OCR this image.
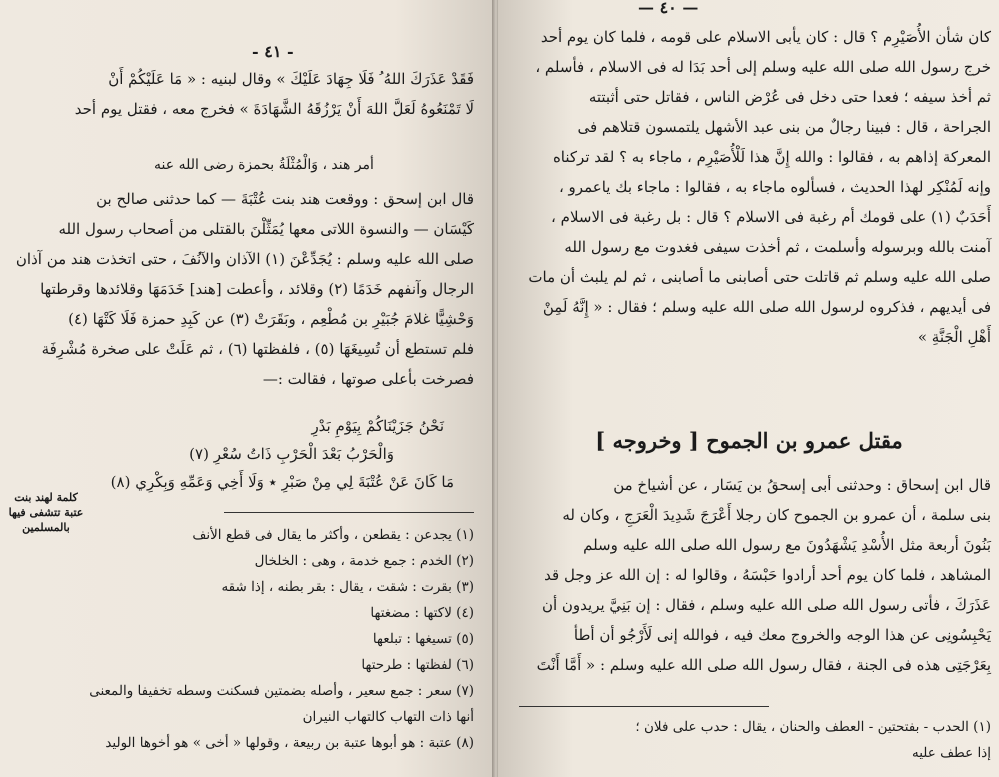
- ٤١ -
فَقَدْ عَذَرَكَ اللهُ ُ فَلَا جِهَادَ عَلَيْكَ » وقال لبنيه : « مَا عَلَيْكُمْ أَنْ
لَا تَمْنَعُوهُ لَعَلَّ اللهَ أَنْ يَرْزُقَهُ الشَّهَادَةَ » فخرج معه ، فقتل يوم أحد
أمر هند ، وَالْمُثْلَةُ بحمزة رضى الله عنه
قال ابن إسحق : ووقعت هند بنت عُتْبَةَ — كما حدثنى صالح بن
كَيْسَان — والنسوة اللاتى معها يُمَثِّلْنَ بالقتلى من أصحاب رسول الله
صلى الله عليه وسلم : يُجَدِّعْنَ (١) الآذان والآنُفَ ، حتى اتخذت هند من آذان
الرجال وآنفهم خَدَمًا (٢) وقلائد ، وأعطت [هند] خَدَمَهَا وقلائدها وقرطتها
وَحْشِيًّا غلامَ جُبَيْرِ بن مُطْعِم ، وبَقَرَتْ (٣) عن كَبِدِ حمزة فَلَا كَتْهَا (٤)
فلم تستطع أن تُسِيغَهَا (٥) ، فلفظتها (٦) ، ثم عَلَتْ على صخرة مُشْرِفَة
فصرخت بأعلى صوتها ، فقالت :—
نَحْنُ جَزَيْنَاكُمْ بِيَوْمِ بَدْرِ
وَالْحَرْبُ بَعْدَ الْحَرْبِ ذَاتُ سُعْرِ (٧)
مَا كَانَ عَنْ عُتْبَةَ لِي مِنْ صَبْرِ ٭ وَلَا أَخِي وَعَمِّهِ وَبِكْرِي (٨)
كلمة لهند بنت
عتبة تتشفى فيها
بالمسلمين	(١) يجدعن : يقطعن ، وأكثر ما يقال فى قطع الأنف
(٢) الخدم : جمع خدمة ، وهى : الخلخال
(٣) بقرت : شقت ، يقال : بقر بطنه ، إذا شقه
(٤) لاكتها : مضغتها
(٥) تسيغها : تبلعها
(٦) لفظتها : طرحتها
(٧) سعر : جمع سعير ، وأصله بضمتين فسكنت وسطه تخفيفا والمعنى
أنها ذات التهاب كالتهاب النيران
(٨) عتبة : هو أبوها عتبة بن ربيعة ، وقولها « أخى » هو أخوها الوليد
— ٤٠ —
كان شأن الأُصَيْرِم ؟ قال : كان يأبى الاسلام على قومه ، فلما كان يوم أحد
خرج رسول الله صلى الله عليه وسلم إلى أحد بَدَا له فى الاسلام ، فأسلم ،
ثم أخذ سيفه ؛ فعدا حتى دخل فى عُرْض الناس ، فقاتل حتى أثبتته
الجراحة ، قال : فبينا رجالٌ من بنى عبد الأشهل يلتمسون قتلاهم فى
المعركة إذاهم به ، فقالوا : والله إِنَّ هذا لَلْأُصَيْرِم ، ماجاء به ؟ لقد تركناه
وإنه لَمُنْكِر لهذا الحديث ، فسألوه ماجاء به ، فقالوا : ماجاء بك ياعمرو ،
أَحَدَبٌ (١) على قومك أم رغبة فى الاسلام ؟ قال : بل رغبة فى الاسلام ،
آمنت بالله وبرسوله وأسلمت ، ثم أخذت سيفى فغدوت مع رسول الله
صلى الله عليه وسلم ثم قاتلت حتى أصابنى ما أصابنى ، ثم لم يلبث أن مات
فى أيديهم ، فذكروه لرسول الله صلى الله عليه وسلم ؛ فقال : « إِنَّهُ لَمِنْ
أَهْلِ الْجَنَّةِ »
مقتل عمرو بن الجموح [ وخروجه ]
قال ابن إسحاق : وحدثنى أبى إسحقُ بن يَسَار ، عن أشياخ من
بنى سلمة ، أن عمرو بن الجموح كان رجلا أَعْرَجَ شَدِيدَ الْعَرَجِ ، وكان له
بَنُونَ أربعة مثل الأُسْدِ يَشْهَدُونَ مع رسول الله صلى الله عليه وسلم
المشاهد ، فلما كان يوم أحد أرادوا حَبْسَهُ ، وقالوا له : إن الله عز وجل قد
عَذَرَكَ ، فأتى رسول الله صلى الله عليه وسلم ، فقال : إن بَنِيَّ يريدون أن
يَحْبِسُونِى عن هذا الوجه والخروج معك فيه ، فوالله إنى لَأَرْجُو أن أطأ
بِعَرْجَتِى هذه فى الجنة ، فقال رسول الله صلى الله عليه وسلم : « أَمَّا أَنْتَ
(١) الحدب - بفتحتين - العطف والحنان ، يقال : حدب على فلان ؛
إذا عطف عليه
